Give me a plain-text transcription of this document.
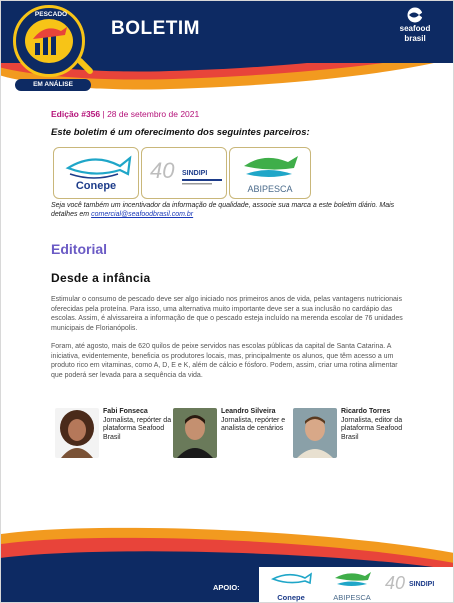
PESCADO
EM ANÁLISE
BOLETIM	seafood
brasil
Edição #356 | 28 de setembro de 2021
Este boletim é um oferecimento dos seguintes parceiros:
Conepe
40 SINDIPI
ABIPESCA
Seja você também um incentivador da informação de qualidade, associe sua marca a este boletim diário. Mais detalhes em comercial@seafoodbrasil.com.br
Editorial
Desde a infância
Estimular o consumo de pescado deve ser algo iniciado nos primeiros anos de vida, pelas vantagens nutricionais oferecidas pela proteína. Para isso, uma alternativa muito importante deve ser a sua inclusão no cardápio das escolas. Assim, é alvissareira a informação de que o pescado esteja incluído na merenda escolar de 76 unidades municipais de Florianópolis.
Foram, até agosto, mais de 620 quilos de peixe servidos nas escolas públicas da capital de Santa Catarina. A iniciativa, evidentemente, beneficia os produtores locais, mas, principalmente os alunos, que têm acesso a um produto rico em vitaminas, como A, D, E e K, além de cálcio e fósforo. Podem, assim, criar uma rotina alimentar que poderá ser levada para a sequência da vida.
Fabi Fonseca
Jornalista, repórter da plataforma Seafood Brasil
Leandro Silveira
Jornalista, repórter e analista de cenários
Ricardo Torres
Jornalista, editor da plataforma Seafood Brasil
APOIO:
Conepe	ABIPESCA
40 SINDIPI
